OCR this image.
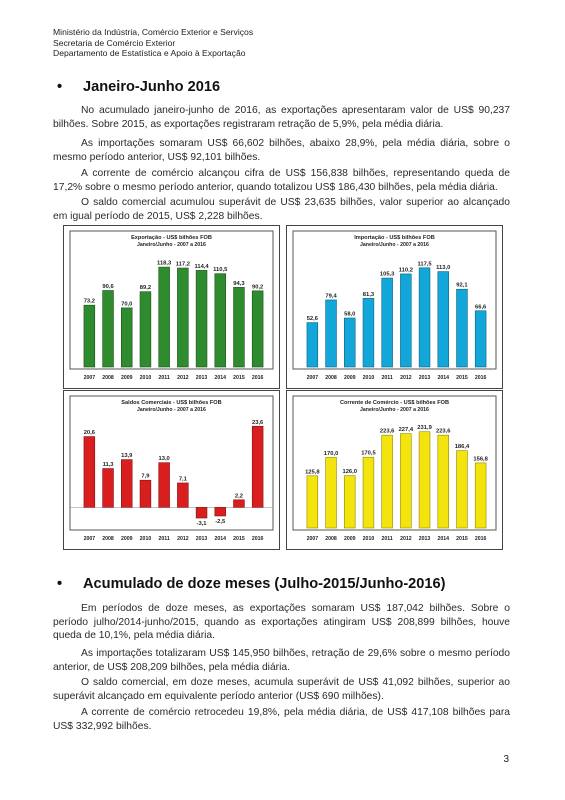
Ministério da Indústria, Comércio Exterior e Serviços
Secretaria de Comércio Exterior
Departamento de Estatística e Apoio à Exportação
• Janeiro-Junho 2016
No acumulado janeiro-junho de 2016, as exportações apresentaram valor de US$ 90,237 bilhões. Sobre 2015, as exportações registraram retração de 5,9%, pela média diária.
As importações somaram US$ 66,602 bilhões, abaixo 28,9%, pela média diária, sobre o mesmo período anterior, US$ 92,101 bilhões.
A corrente de comércio alcançou cifra de US$ 156,838 bilhões, representando queda de 17,2% sobre o mesmo período anterior, quando totalizou US$ 186,430 bilhões, pela média diária.
O saldo comercial acumulou superávit de US$ 23,635 bilhões, valor superior ao alcançado em igual período de 2015, US$ 2,228 bilhões.
Exportação - US$ bilhões FOB
Janeiro/Junho - 2007 a 2016
73,2
2007
90,6
2008
70,0
2009
89,2
2010
118,3
2011
117,2
2012
114,4
2013
110,5
2014
94,3
2015
90,2
2016
Importação - US$ bilhões FOB
Janeiro/Junho - 2007 a 2016
52,6
2007
79,4
2008
58,0
2009
81,3
2010
105,3
2011
110,2
2012
117,5
2013
113,0
2014
92,1
2015
66,6
2016
Saldos Comerciais - US$ bilhões FOB
Janeiro/Junho - 2007 a 2016
20,6
2007
11,3
2008
13,9
2009
7,9
2010
13,0
2011
7,1
2012
-3,1
2013
-2,5
2014
2,2
2015
23,6
2016
Corrente de Comércio - US$ bilhões FOB
Janeiro/Junho - 2007 a 2016
125,8
2007
170,0
2008
126,0
2009
170,5
2010
223,6
2011
227,4
2012
231,9
2013
223,6
2014
186,4
2015
156,8
2016
• Acumulado de doze meses (Julho-2015/Junho-2016)
Em períodos de doze meses, as exportações somaram US$ 187,042 bilhões. Sobre o período julho/2014-junho/2015, quando as exportações atingiram US$ 208,899 bilhões, houve queda de 10,1%, pela média diária.
As importações totalizaram US$ 145,950 bilhões, retração de 29,6% sobre o mesmo período anterior, de US$ 208,209 bilhões, pela média diária.
O saldo comercial, em doze meses, acumula superávit de US$ 41,092 bilhões, superior ao superávit alcançado em equivalente período anterior (US$ 690 milhões).
A corrente de comércio retrocedeu 19,8%, pela média diária, de US$ 417,108 bilhões para US$ 332,992 bilhões.
3
